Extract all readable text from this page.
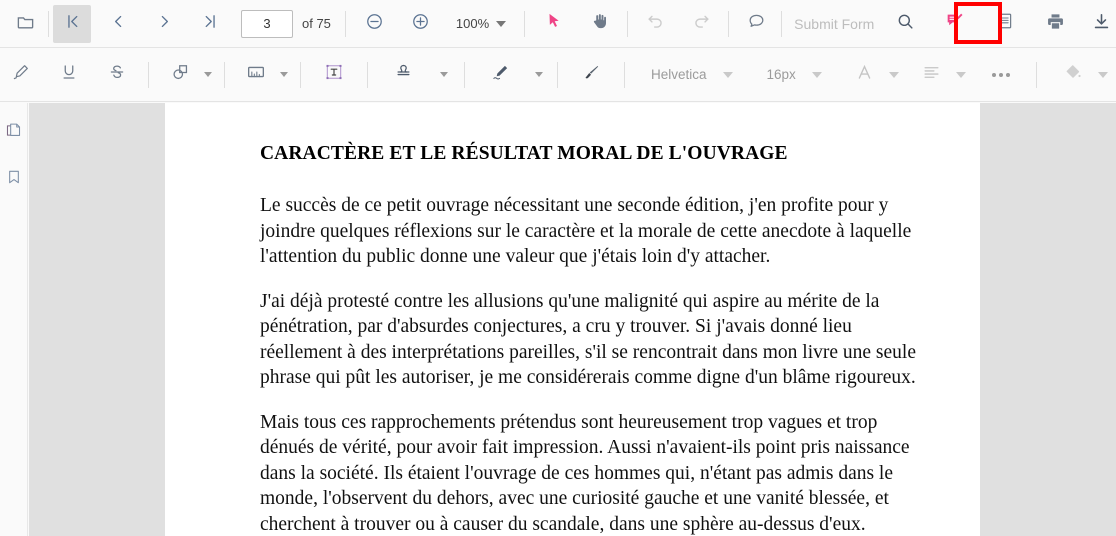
3
of 75	100%	Submit Form
Helvetica	16px
CARACTÈRE ET LE RÉSULTAT MORAL DE L'OUVRAGE

Le succès de ce petit ouvrage nécessitant une seconde édition, j'en profite pour y joindre quelques réflexions sur le caractère et la morale de cette anecdote à laquelle l'attention du public donne une valeur que j'étais loin d'y attacher.

J'ai déjà protesté contre les allusions qu'une malignité qui aspire au mérite de la pénétration, par d'absurdes conjectures, a cru y trouver. Si j'avais donné lieu réellement à des interprétations pareilles, s'il se rencontrait dans mon livre une seule phrase qui pût les autoriser, je me considérerais comme digne d'un blâme rigoureux.

Mais tous ces rapprochements prétendus sont heureusement trop vagues et trop dénués de vérité, pour avoir fait impression. Aussi n'avaient-ils point pris naissance dans la société. Ils étaient l'ouvrage de ces hommes qui, n'étant pas admis dans le monde, l'observent du dehors, avec une curiosité gauche et une vanité blessée, et cherchent à trouver ou à causer du scandale, dans une sphère au-dessus d'eux.
